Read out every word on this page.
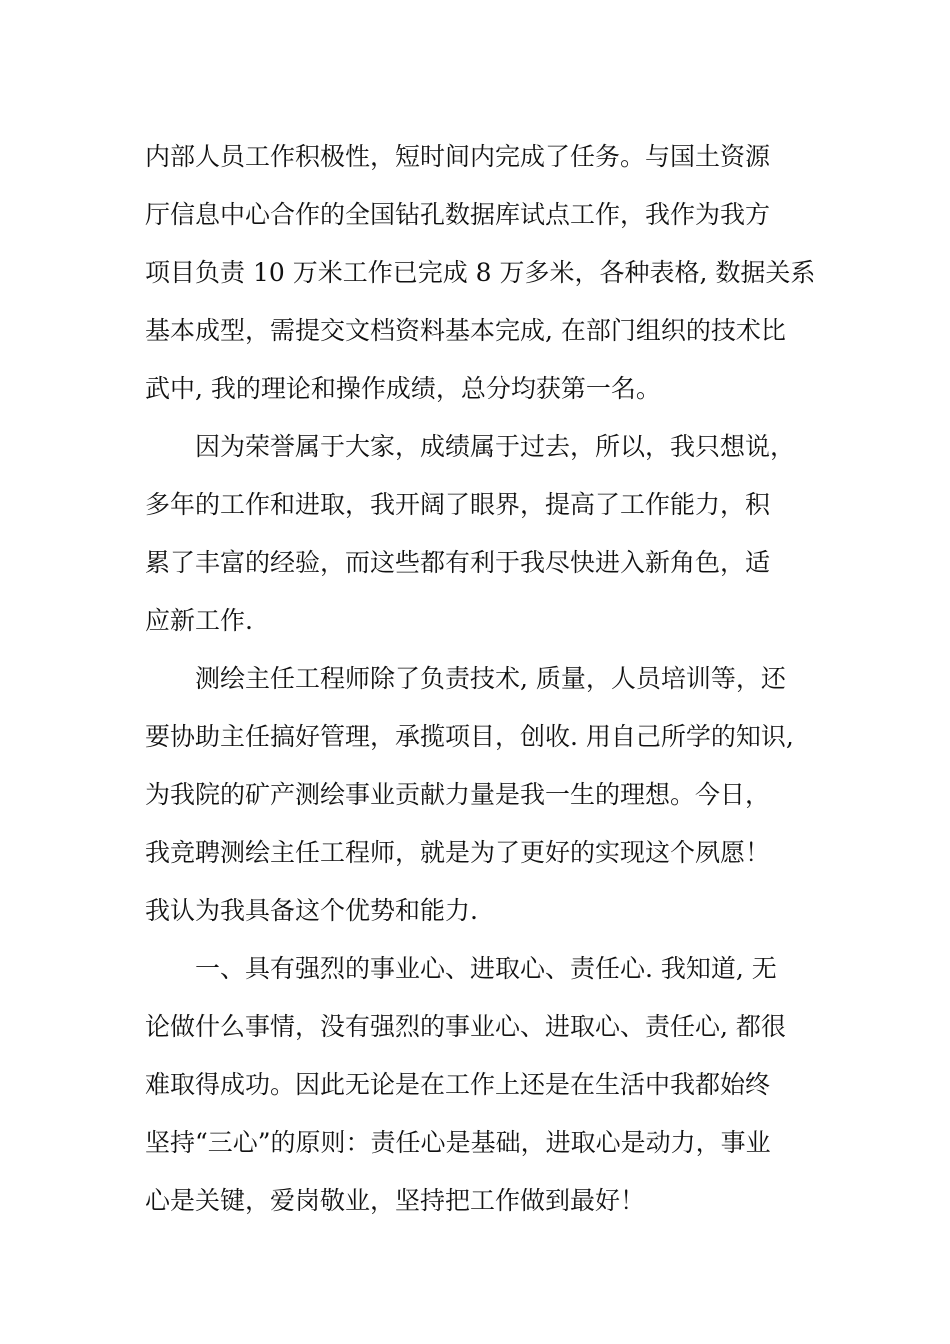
内部人员工作积极性，短时间内完成了任务。与国土资源
厅信息中心合作的全国钻孔数据库试点工作，我作为我方
项目负责 10 万米工作已完成 8 万多米，各种表格, 数据关系
基本成型，需提交文档资料基本完成, 在部门组织的技术比
武中, 我的理论和操作成绩，总分均获第一名。
因为荣誉属于大家，成绩属于过去，所以，我只想说，
多年的工作和进取，我开阔了眼界，提高了工作能力，积
累了丰富的经验，而这些都有利于我尽快进入新角色，适
应新工作.
测绘主任工程师除了负责技术, 质量，人员培训等，还
要协助主任搞好管理，承揽项目，创收. 用自己所学的知识,
为我院的矿产测绘事业贡献力量是我一生的理想。今日，
我竞聘测绘主任工程师，就是为了更好的实现这个夙愿！
我认为我具备这个优势和能力.
一、具有强烈的事业心、进取心、责任心. 我知道, 无
论做什么事情，没有强烈的事业心、进取心、责任心, 都很
难取得成功。因此无论是在工作上还是在生活中我都始终
坚持“三心”的原则：责任心是基础，进取心是动力，事业
心是关键，爱岗敬业，坚持把工作做到最好！
